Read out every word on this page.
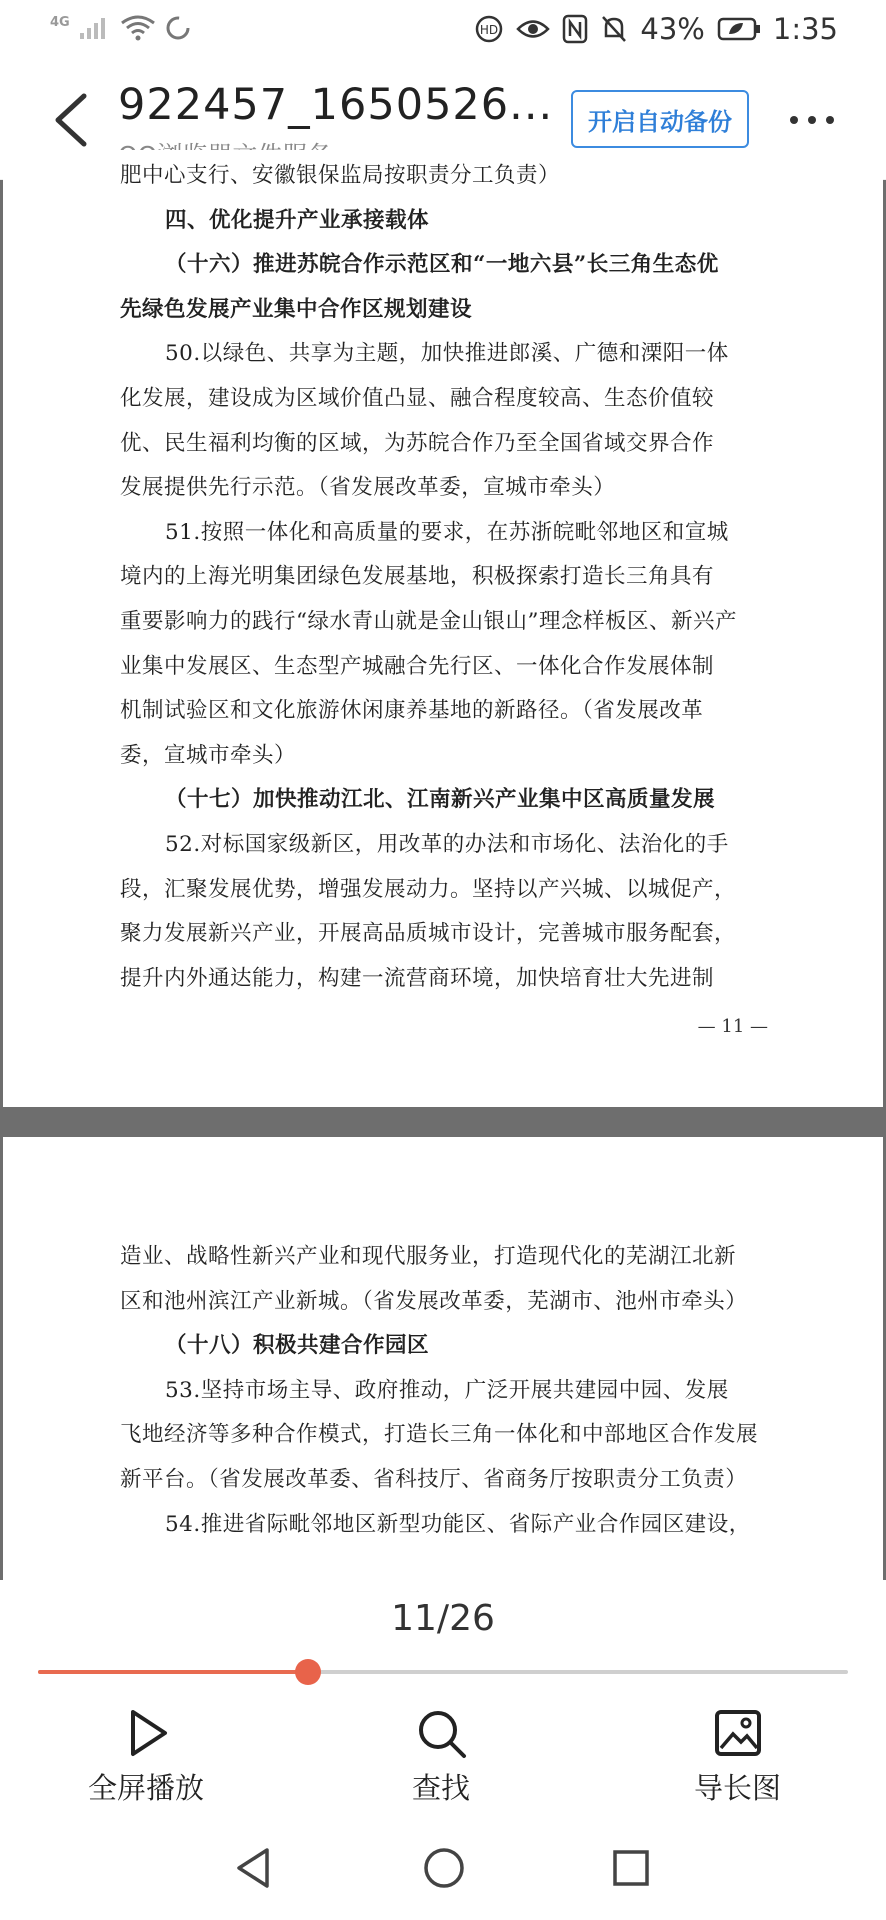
4G
HD	43% 1:35
922457_1650526...	开启自动备份
肥中心支行、安徽银保监局按职责分工负责）
四、优化提升产业承接载体
（十六）推进苏皖合作示范区和“一地六县”长三角生态优
先绿色发展产业集中合作区规划建设
50.以绿色、共享为主题，加快推进郎溪、广德和溧阳一体
化发展，建设成为区域价值凸显、融合程度较高、生态价值较
优、民生福利均衡的区域，为苏皖合作乃至全国省域交界合作
发展提供先行示范。（省发展改革委，宣城市牵头）
51.按照一体化和高质量的要求，在苏浙皖毗邻地区和宣城
境内的上海光明集团绿色发展基地，积极探索打造长三角具有
重要影响力的践行“绿水青山就是金山银山”理念样板区、新兴产
业集中发展区、生态型产城融合先行区、一体化合作发展体制
机制试验区和文化旅游休闲康养基地的新路径。（省发展改革
委，宣城市牵头）
（十七）加快推动江北、江南新兴产业集中区高质量发展
52.对标国家级新区，用改革的办法和市场化、法治化的手
段，汇聚发展优势，增强发展动力。坚持以产兴城、以城促产，
聚力发展新兴产业，开展高品质城市设计，完善城市服务配套，
提升内外通达能力，构建一流营商环境，加快培育壮大先进制
— 11 —
造业、战略性新兴产业和现代服务业，打造现代化的芜湖江北新
区和池州滨江产业新城。（省发展改革委，芜湖市、池州市牵头）
（十八）积极共建合作园区
53.坚持市场主导、政府推动，广泛开展共建园中园、发展
飞地经济等多种合作模式，打造长三角一体化和中部地区合作发展
新平台。（省发展改革委、省科技厅、省商务厅按职责分工负责）
54.推进省际毗邻地区新型功能区、省际产业合作园区建设，
11/26
全屏播放	查找	导长图
